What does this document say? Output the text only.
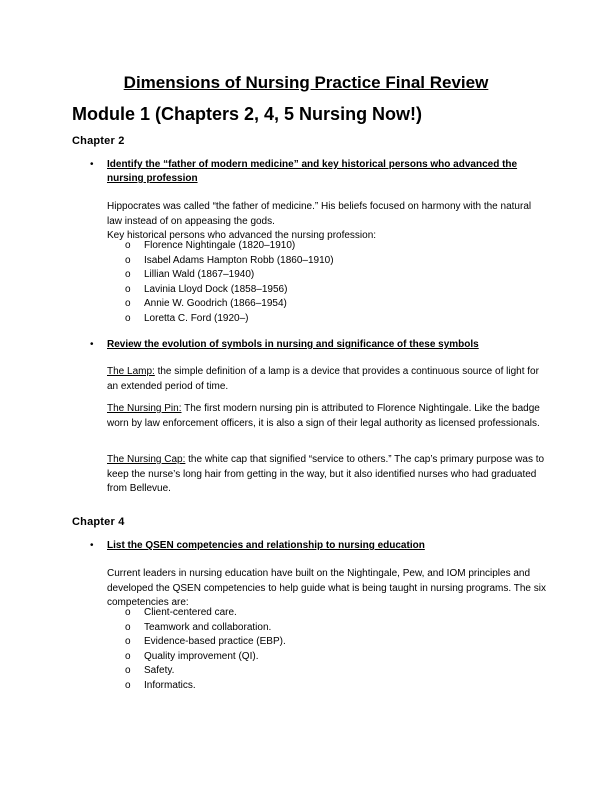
Dimensions of Nursing Practice Final Review
Module 1 (Chapters 2, 4, 5 Nursing Now!)
Chapter 2
• Identify the “father of modern medicine” and key historical persons who advanced the nursing profession
Hippocrates was called “the father of medicine.” His beliefs focused on harmony with the natural
law instead of on appeasing the gods.
Key historical persons who advanced the nursing profession:
o Florence Nightingale (1820–1910)
o Isabel Adams Hampton Robb (1860–1910)
o Lillian Wald (1867–1940)
o Lavinia Lloyd Dock (1858–1956)
o Annie W. Goodrich (1866–1954)
o Loretta C. Ford (1920–)
• Review the evolution of symbols in nursing and significance of these symbols
The Lamp: the simple definition of a lamp is a device that provides a continuous source of light for an extended period of time.
The Nursing Pin: The first modern nursing pin is attributed to Florence Nightingale. Like the badge worn by law enforcement officers, it is also a sign of their legal authority as licensed professionals.
The Nursing Cap: the white cap that signified “service to others.” The cap’s primary purpose was to keep the nurse’s long hair from getting in the way, but it also identified nurses who had graduated from Bellevue.
Chapter 4
• List the QSEN competencies and relationship to nursing education
Current leaders in nursing education have built on the Nightingale, Pew, and IOM principles and developed the QSEN competencies to help guide what is being taught in nursing programs. The six competencies are:
o Client-centered care.
o Teamwork and collaboration.
o Evidence-based practice (EBP).
o Quality improvement (QI).
o Safety.
o Informatics.
